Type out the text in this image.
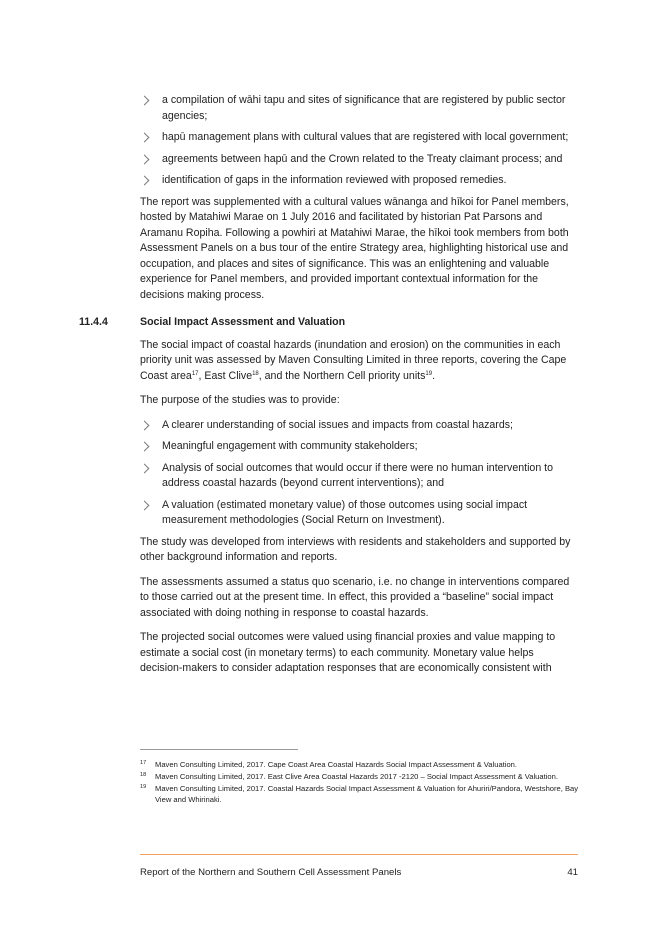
a compilation of wāhi tapu and sites of significance that are registered by public sector agencies;
hapū management plans with cultural values that are registered with local government;
agreements between hapū and the Crown related to the Treaty claimant process; and
identification of gaps in the information reviewed with proposed remedies.

The report was supplemented with a cultural values wānanga and hīkoi for Panel members, hosted by Matahiwi Marae on 1 July 2016 and facilitated by historian Pat Parsons and Aramanu Ropiha. Following a powhiri at Matahiwi Marae, the hīkoi took members from both Assessment Panels on a bus tour of the entire Strategy area, highlighting historical use and occupation, and places and sites of significance. This was an enlightening and valuable experience for Panel members, and provided important contextual information for the decisions making process.

11.4.4	Social Impact Assessment and Valuation

The social impact of coastal hazards (inundation and erosion) on the communities in each priority unit was assessed by Maven Consulting Limited in three reports, covering the Cape Coast area$^{17}$, East Clive$^{18}$, and the Northern Cell priority units$^{19}$.

The purpose of the studies was to provide:

A clearer understanding of social issues and impacts from coastal hazards;
Meaningful engagement with community stakeholders;
Analysis of social outcomes that would occur if there were no human intervention to address coastal hazards (beyond current interventions); and
A valuation (estimated monetary value) of those outcomes using social impact measurement methodologies (Social Return on Investment).

The study was developed from interviews with residents and stakeholders and supported by other background information and reports.

The assessments assumed a status quo scenario, i.e. no change in interventions compared to those carried out at the present time. In effect, this provided a “baseline” social impact associated with doing nothing in response to coastal hazards.

The projected social outcomes were valued using financial proxies and value mapping to estimate a social cost (in monetary terms) to each community. Monetary value helps decision-makers to consider adaptation responses that are economically consistent with

17 Maven Consulting Limited, 2017. Cape Coast Area Coastal Hazards Social Impact Assessment & Valuation.
18 Maven Consulting Limited, 2017. East Clive Area Coastal Hazards 2017 -2120 – Social Impact Assessment & Valuation.
19 Maven Consulting Limited, 2017. Coastal Hazards Social Impact Assessment & Valuation for Ahuriri/Pandora, Westshore, Bay View and Whirinaki.
Report of the Northern and Southern Cell Assessment Panels	41
